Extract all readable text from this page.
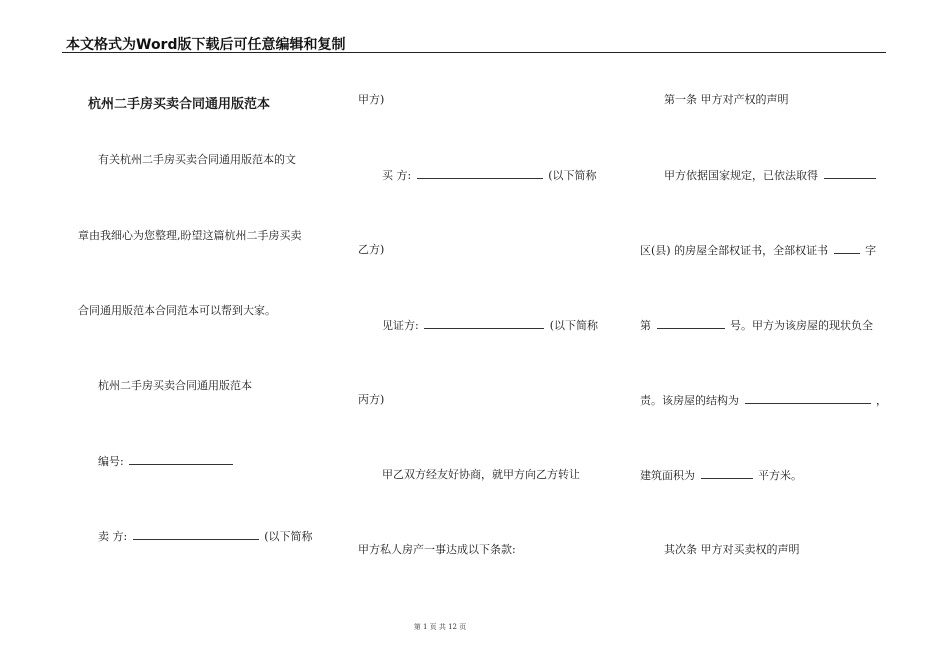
本文格式为Word版下载后可任意编辑和复制
杭州二手房买卖合同通用版范本
有关杭州二手房买卖合同通用版范本的文
章由我细心为您整理,盼望这篇杭州二手房买卖
合同通用版范本合同范本可以帮到大家。
杭州二手房买卖合同通用版范本
编号:
卖 方:	(以下简称
甲方)
买 方:	(以下简称
乙方)
见证方:	(以下简称
丙方)
甲乙双方经友好协商，就甲方向乙方转让
甲方私人房产一事达成以下条款:
第一条 甲方对产权的声明
甲方依据国家规定，已依法取得
区(县) 的房屋全部权证书，全部权证书	字
第	号。甲方为该房屋的现状负全
责。该房屋的结构为	，
建筑面积为	平方米。
其次条 甲方对买卖权的声明
第 1 页 共 12 页
